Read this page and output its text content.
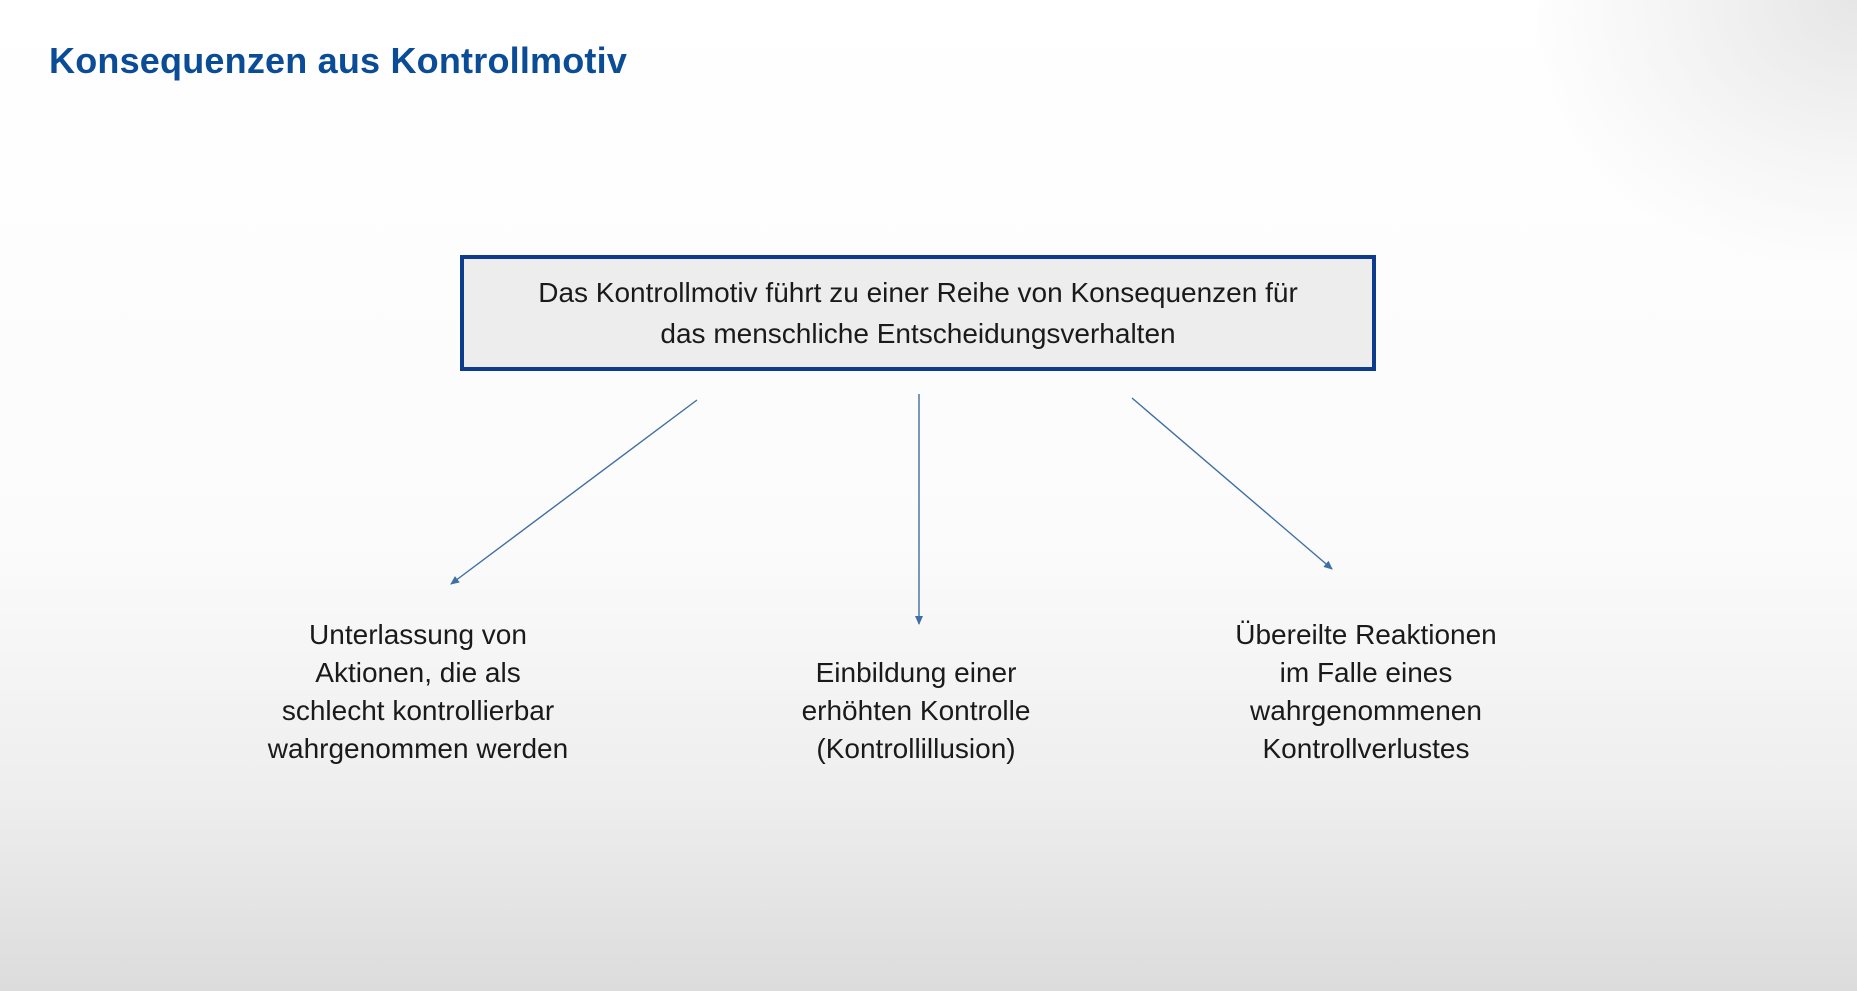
Konsequenzen aus Kontrollmotiv
Das Kontrollmotiv führt zu einer Reihe von Konsequenzen für
das menschliche Entscheidungsverhalten
Unterlassung von
Aktionen, die als
schlecht kontrollierbar
wahrgenommen werden
Einbildung einer
erhöhten Kontrolle
(Kontrollillusion)
Übereilte Reaktionen
im Falle eines
wahrgenommenen
Kontrollverlustes
